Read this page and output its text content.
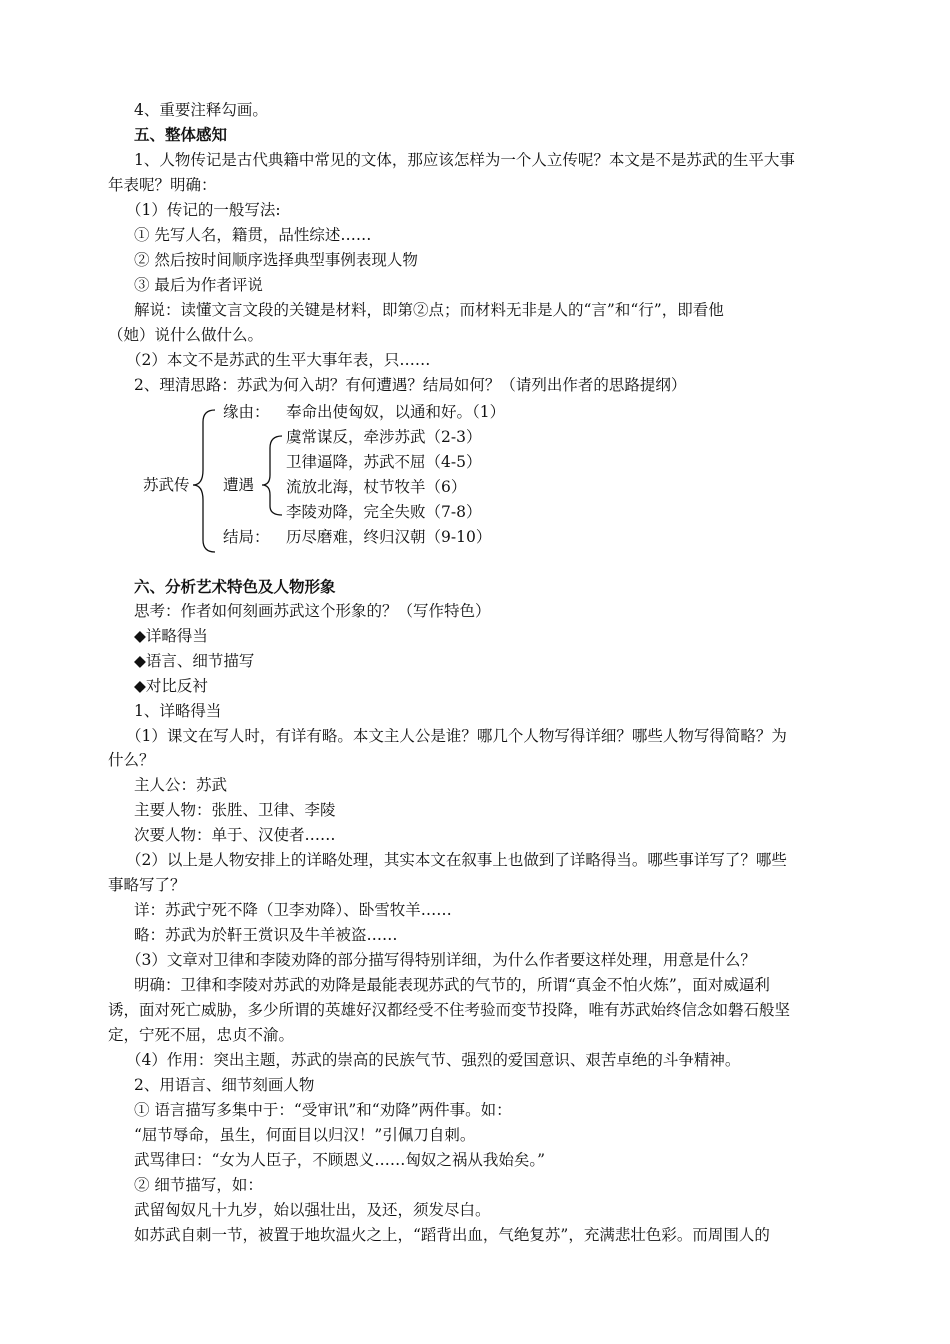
4、重要注释勾画。
五、整体感知
1、人物传记是古代典籍中常见的文体，那应该怎样为一个人立传呢？本文是不是苏武的生平大事
年表呢？明确：
（1）传记的一般写法:
① 先写人名，籍贯，品性综述……
② 然后按时间顺序选择典型事例表现人物
③ 最后为作者评说
解说：读懂文言文段的关键是材料，即第②点；而材料无非是人的“言”和“行”，即看他
（她）说什么做什么。
（2）本文不是苏武的生平大事年表，只……
2、理清思路：苏武为何入胡？有何遭遇？结局如何？（请列出作者的思路提纲）
苏武传
缘由： 奉命出使匈奴，以通和好。（1）
遭遇
虞常谋反，牵涉苏武（2-3）
卫律逼降，苏武不屈（4-5）
流放北海，杖节牧羊（6）
李陵劝降，完全失败（7-8）
结局： 历尽磨难，终归汉朝（9-10）
六、分析艺术特色及人物形象
思考：作者如何刻画苏武这个形象的？（写作特色）
◆详略得当
◆语言、细节描写
◆对比反衬
1、详略得当
（1）课文在写人时，有详有略。本文主人公是谁？哪几个人物写得详细？哪些人物写得简略？为
什么？
主人公：苏武
主要人物：张胜、卫律、李陵
次要人物：单于、汉使者……
（2）以上是人物安排上的详略处理，其实本文在叙事上也做到了详略得当。哪些事详写了？哪些
事略写了？
详：苏武宁死不降（卫李劝降）、卧雪牧羊……
略：苏武为於靬王赏识及牛羊被盗……
（3）文章对卫律和李陵劝降的部分描写得特别详细，为什么作者要这样处理，用意是什么？
明确：卫律和李陵对苏武的劝降是最能表现苏武的气节的，所谓“真金不怕火炼”，面对威逼利
诱，面对死亡威胁，多少所谓的英雄好汉都经受不住考验而变节投降，唯有苏武始终信念如磐石般坚
定，宁死不屈，忠贞不渝。
（4）作用：突出主题，苏武的崇高的民族气节、强烈的爱国意识、艰苦卓绝的斗争精神。
2、用语言、细节刻画人物
① 语言描写多集中于：“受审讯”和“劝降”两件事。如：
“屈节辱命，虽生，何面目以归汉！”引佩刀自刺。
武骂律曰：“女为人臣子，不顾恩义……匈奴之祸从我始矣。”
② 细节描写，如：
武留匈奴凡十九岁，始以强壮出，及还，须发尽白。
如苏武自刺一节，被置于地坎温火之上，“蹈背出血，气绝复苏”，充满悲壮色彩。而周围人的
